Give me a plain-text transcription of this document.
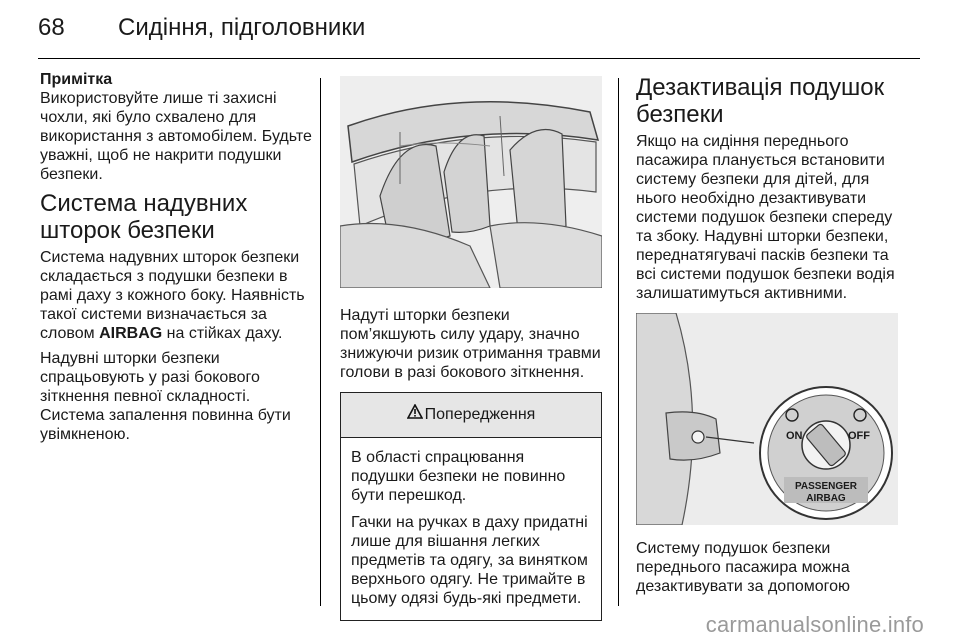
68 Сидіння, підголовники
Примітка

Використовуйте лише ті захисні чохли, які було схвалено для використання з автомобілем. Будьте уважні, щоб не накрити подушки безпеки.

Система надувних шторок безпеки

Система надувних шторок безпеки складається з подушки безпеки в рамі даху з кожного боку. Наявність такої системи визначається за словом AIRBAG на стійках даху.

Надувні шторки безпеки спрацьовують у разі бокового зіткнення певної складності. Система запалення повинна бути увімкненою.

Надуті шторки безпеки пом’якшують силу удару, значно знижуючи ризик отримання травми голови в разі бокового зіткнення.

Попередження

В області спрацювання подушки безпеки не повинно бути перешкод.

Гачки на ручках в даху придатні лише для вішання легких предметів та одягу, за винятком верхнього одягу. Не тримайте в цьому одязі будь-які предмети.

Дезактивація подушок безпеки

Якщо на сидіння переднього пасажира планується встановити систему безпеки для дітей, для нього необхідно дезактивувати системи подушок безпеки спереду та збоку. Надувні шторки безпеки, переднатягувачі пасків безпеки та всі системи подушок безпеки водія залишатимуться активними.

ON	OFF
PASSENGER
AIRBAG

Систему подушок безпеки переднього пасажира можна дезактивувати за допомогою

carmanualsonline.info
